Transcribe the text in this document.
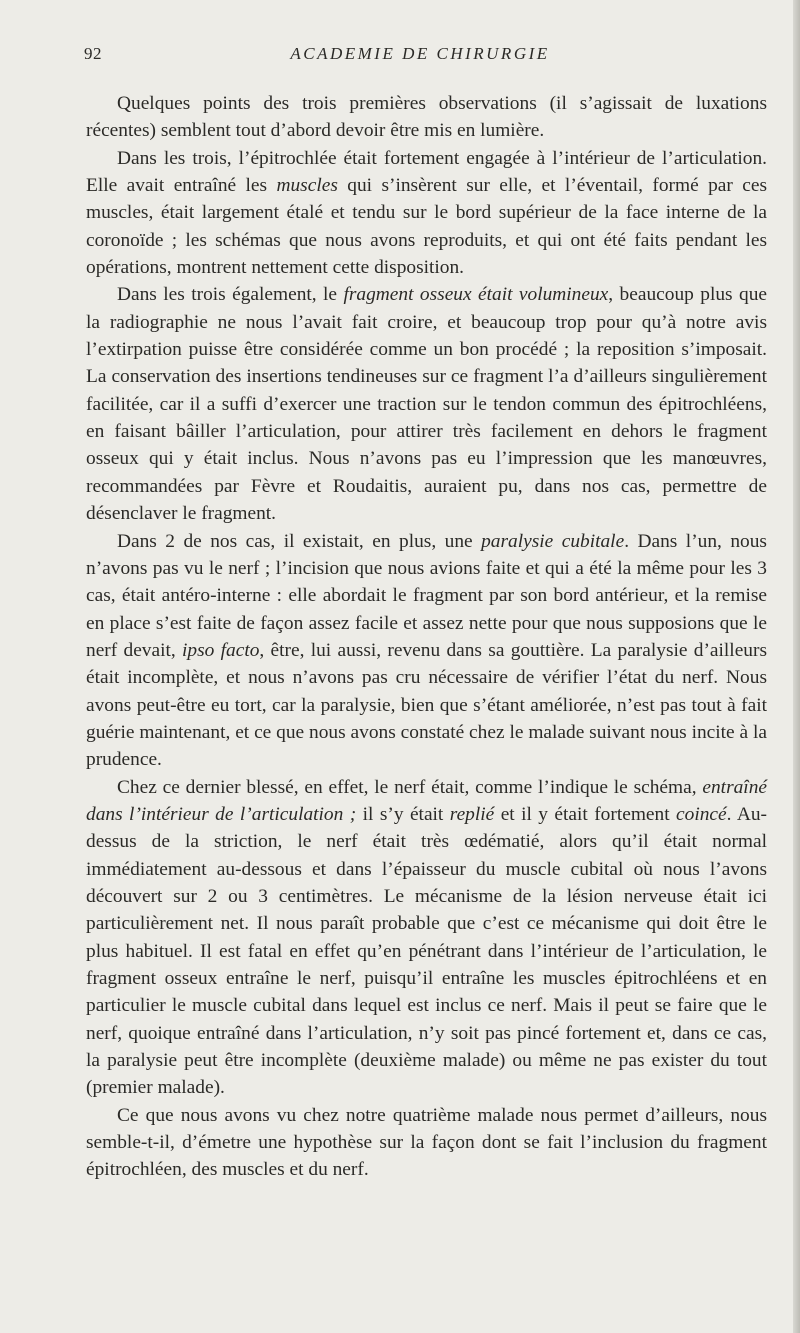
92	ACADEMIE DE CHIRURGIE

Quelques points des trois premières observations (il s’agissait de luxations récentes) semblent tout d’abord devoir être mis en lumière.

Dans les trois, l’épitrochlée était fortement engagée à l’intérieur de l’articulation. Elle avait entraîné les muscles qui s’insèrent sur elle, et l’éventail, formé par ces muscles, était largement étalé et tendu sur le bord supérieur de la face interne de la coronoïde ; les schémas que nous avons reproduits, et qui ont été faits pendant les opérations, montrent nettement cette disposition.

Dans les trois également, le fragment osseux était volumineux, beaucoup plus que la radiographie ne nous l’avait fait croire, et beaucoup trop pour qu’à notre avis l’extirpation puisse être considérée comme un bon procédé ; la reposition s’imposait. La conservation des insertions tendineuses sur ce fragment l’a d’ailleurs singulièrement facilitée, car il a suffi d’exercer une traction sur le tendon commun des épitrochléens, en faisant bâiller l’articulation, pour attirer très facilement en dehors le fragment osseux qui y était inclus. Nous n’avons pas eu l’impression que les manœuvres, recommandées par Fèvre et Roudaitis, auraient pu, dans nos cas, permettre de désenclaver le fragment.

Dans 2 de nos cas, il existait, en plus, une paralysie cubitale. Dans l’un, nous n’avons pas vu le nerf ; l’incision que nous avions faite et qui a été la même pour les 3 cas, était antéro-interne : elle abordait le fragment par son bord antérieur, et la remise en place s’est faite de façon assez facile et assez nette pour que nous supposions que le nerf devait, ipso facto, être, lui aussi, revenu dans sa gouttière. La paralysie d’ailleurs était incomplète, et nous n’avons pas cru nécessaire de vérifier l’état du nerf. Nous avons peut-être eu tort, car la paralysie, bien que s’étant améliorée, n’est pas tout à fait guérie maintenant, et ce que nous avons constaté chez le malade suivant nous incite à la prudence.

Chez ce dernier blessé, en effet, le nerf était, comme l’indique le schéma, entraîné dans l’intérieur de l’articulation ; il s’y était replié et il y était fortement coincé. Au-dessus de la striction, le nerf était très œdématié, alors qu’il était normal immédiatement au-dessous et dans l’épaisseur du muscle cubital où nous l’avons découvert sur 2 ou 3 centimètres. Le mécanisme de la lésion nerveuse était ici particulièrement net. Il nous paraît probable que c’est ce mécanisme qui doit être le plus habituel. Il est fatal en effet qu’en pénétrant dans l’intérieur de l’articulation, le fragment osseux entraîne le nerf, puisqu’il entraîne les muscles épitrochléens et en particulier le muscle cubital dans lequel est inclus ce nerf. Mais il peut se faire que le nerf, quoique entraîné dans l’articulation, n’y soit pas pincé fortement et, dans ce cas, la paralysie peut être incomplète (deuxième malade) ou même ne pas exister du tout (premier malade).

Ce que nous avons vu chez notre quatrième malade nous permet d’ailleurs, nous semble-t-il, d’émetre une hypothèse sur la façon dont se fait l’inclusion du fragment épitrochléen, des muscles et du nerf.
